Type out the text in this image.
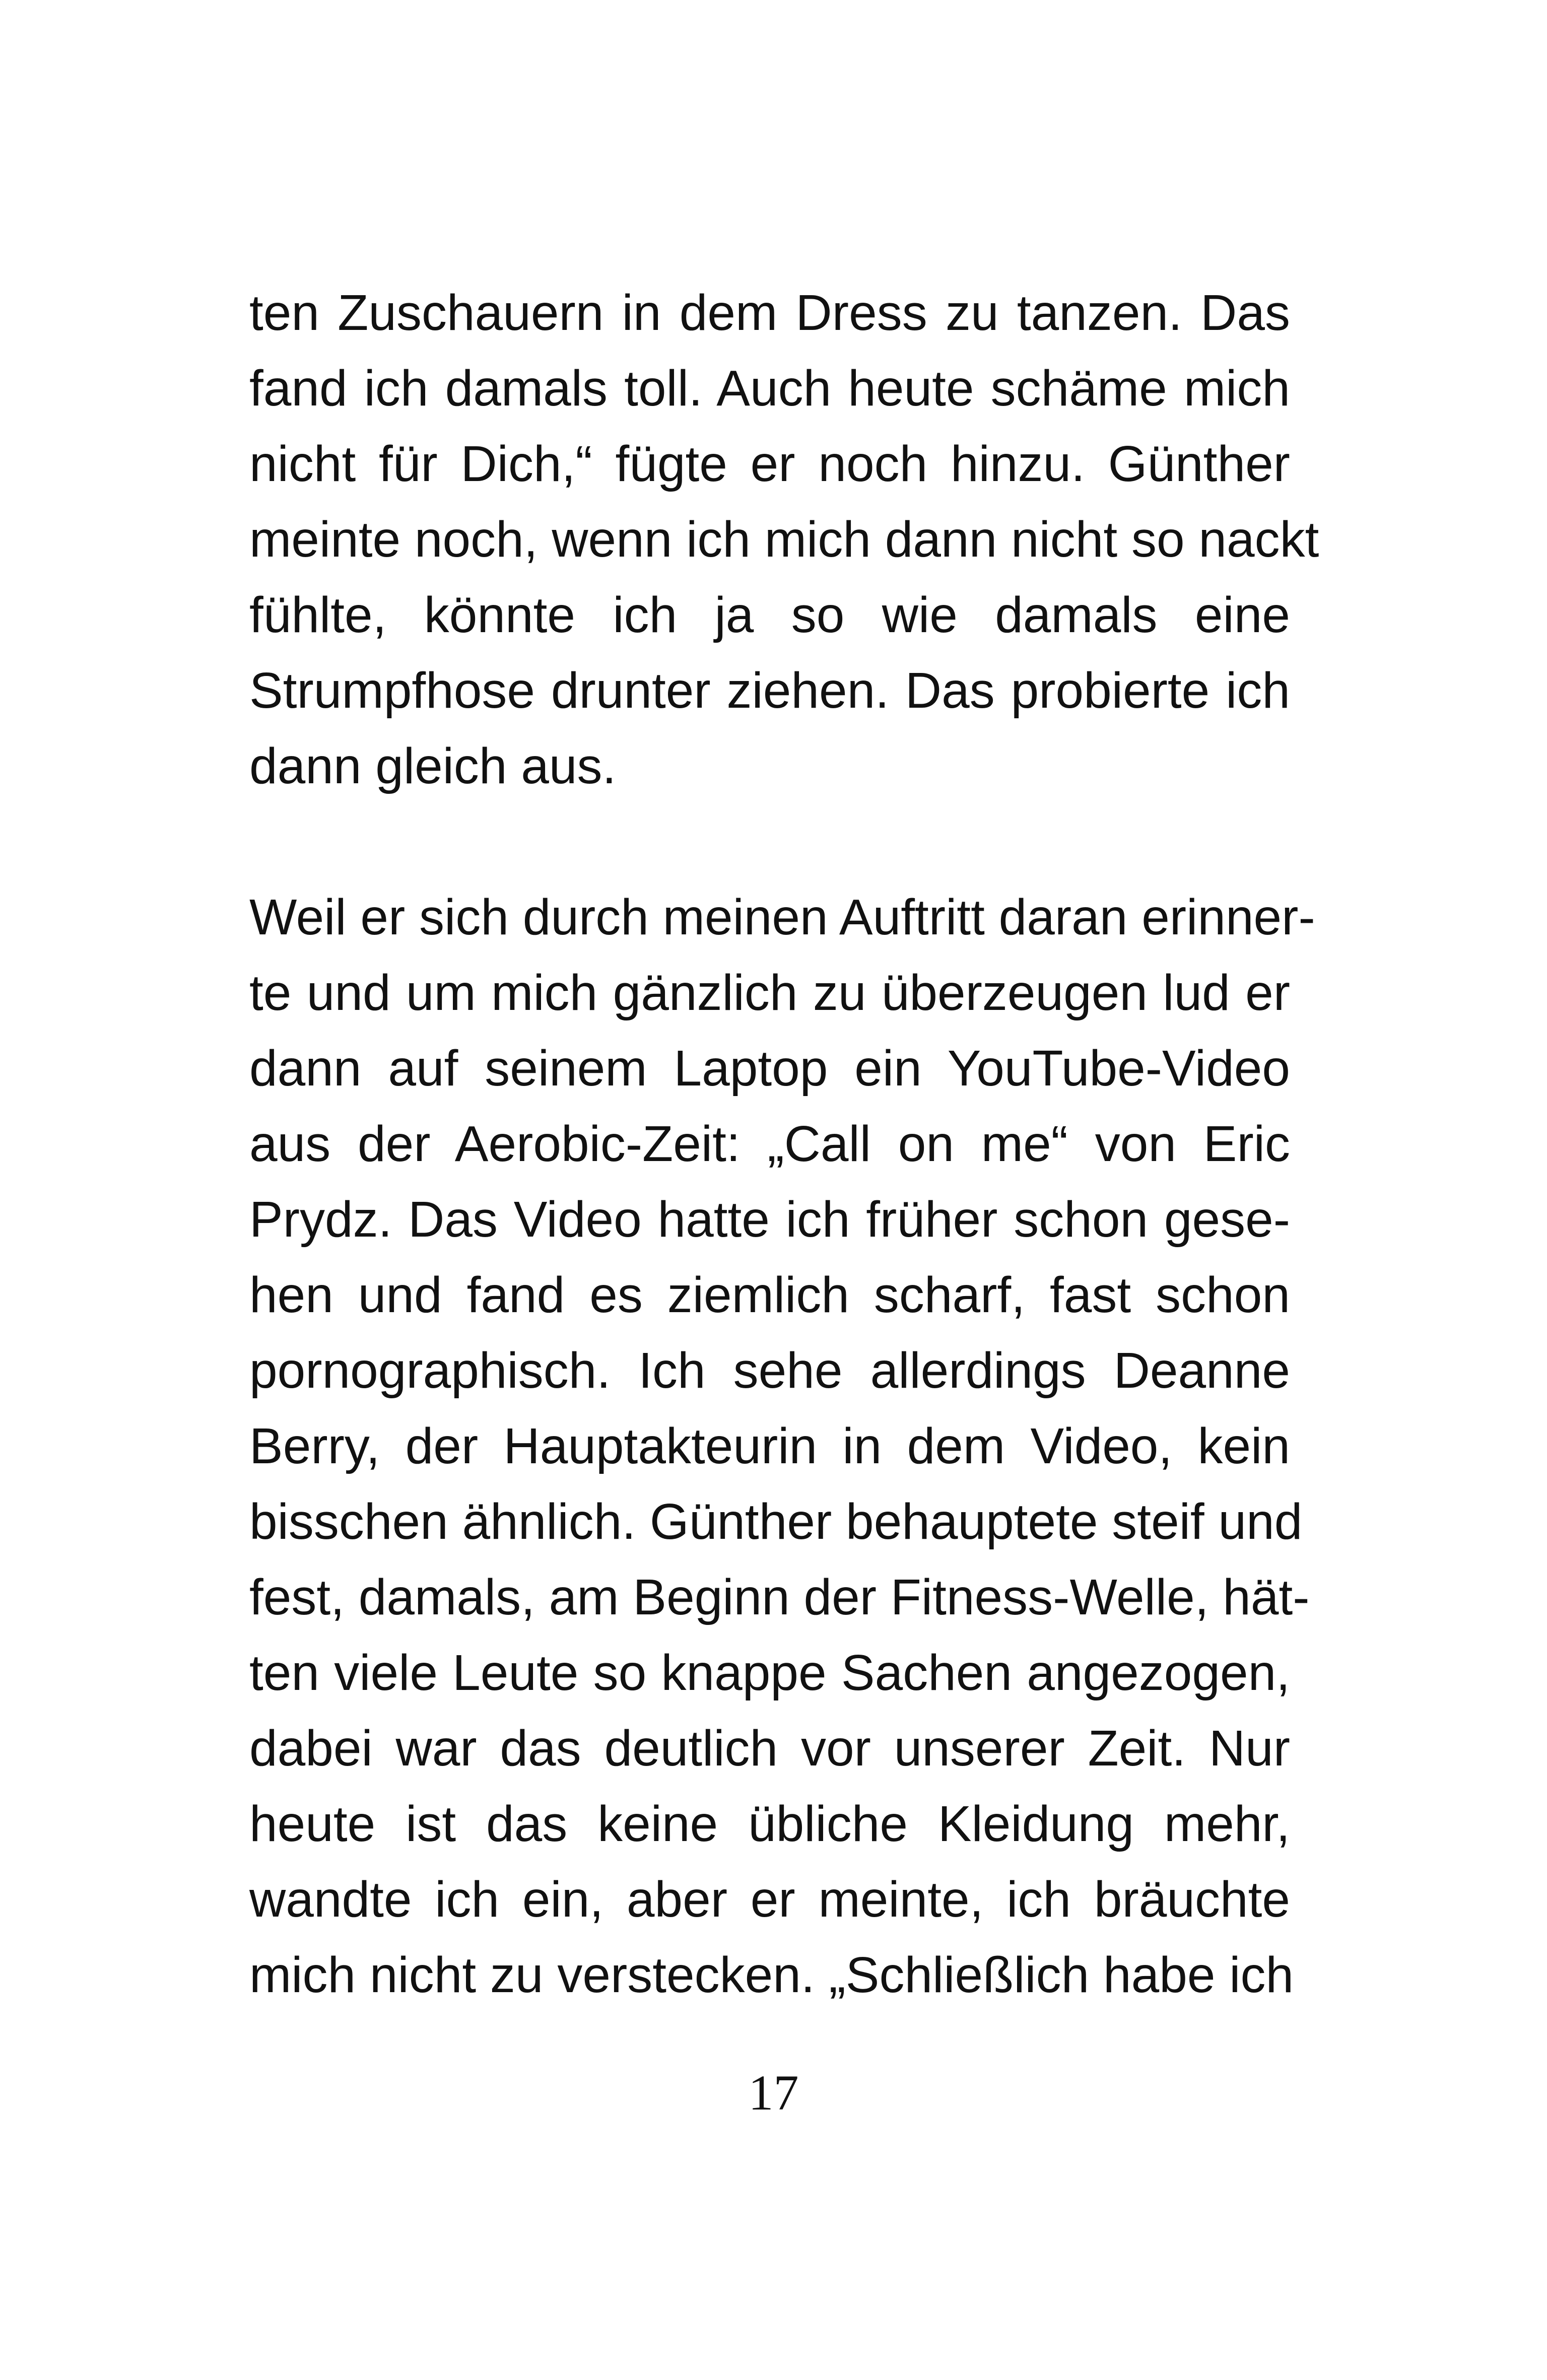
ten Zuschauern in dem Dress zu tanzen. Das
fand ich damals toll. Auch heute schäme mich
nicht für Dich,“ fügte er noch hinzu. Günther
meinte noch, wenn ich mich dann nicht so nackt
fühlte, könnte ich ja so wie damals eine
Strumpfhose drunter ziehen. Das probierte ich
dann gleich aus.
Weil er sich durch meinen Auftritt daran erinner-
te und um mich gänzlich zu überzeugen lud er
dann auf seinem Laptop ein YouTube-Video
aus der Aerobic-Zeit: „Call on me“ von Eric
Prydz. Das Video hatte ich früher schon gese-
hen und fand es ziemlich scharf, fast schon
pornographisch. Ich sehe allerdings Deanne
Berry, der Hauptakteurin in dem Video, kein
bisschen ähnlich. Günther behauptete steif und
fest, damals, am Beginn der Fitness-Welle, hät-
ten viele Leute so knappe Sachen angezogen,
dabei war das deutlich vor unserer Zeit. Nur
heute ist das keine übliche Kleidung mehr,
wandte ich ein, aber er meinte, ich bräuchte
mich nicht zu verstecken. „Schließlich habe ich
17
